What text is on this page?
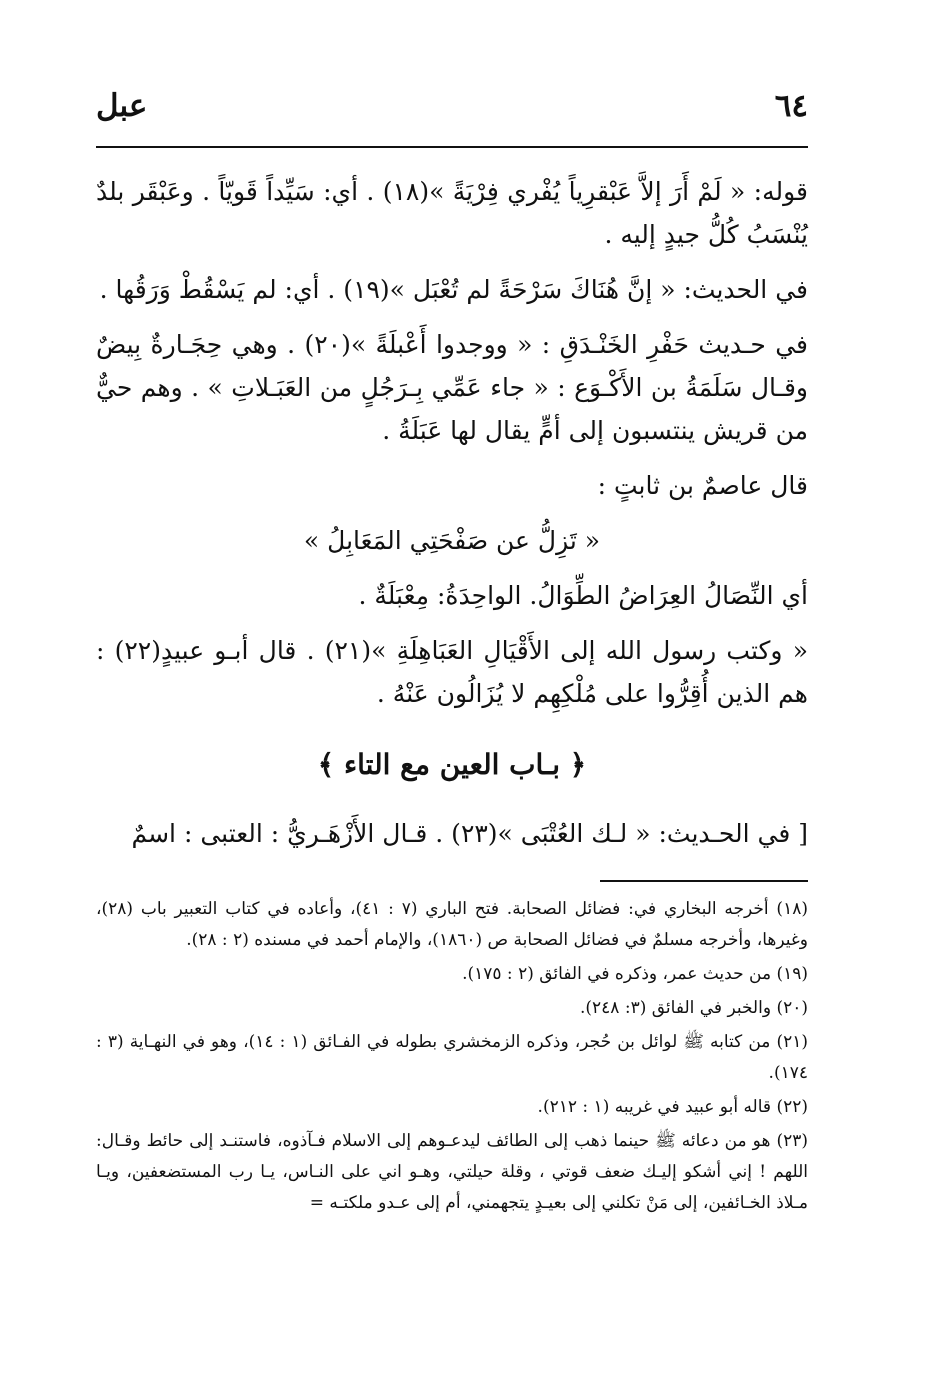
عبل	٦٤

قوله: « لَمْ أَرَ إلاَّ عَبْقرِياً يُفْري فِرْيَةً »(١٨) . أي: سَيِّداً قَويّاً . وعَبْقَر بلدٌ يُنْسَبُ كُلُّ جيدٍ إليه .

في الحديث: « إنَّ هُنَاكَ سَرْحَةً لم تُعْبَل »(١٩) . أي: لم يَسْقُطْ وَرَقُها .

في حـديث حَفْرِ الخَنْـدَقِ : « ووجدوا أَعْبلَةً »(٢٠) . وهي حِجَـارةٌ بِيضٌ وقـال سَلَمَةُ بن الأَكْـوَع : « جاء عَمِّي بِـرَجُلٍ من العَبَـلاتِ » . وهم حيٌّ من قريش ينتسبون إلى أمٍّ يقال لها عَبَلَةُ .

قال عاصمٌ بن ثابتٍ :

« تَزِلُّ عن صَفْحَتِي المَعَابِلُ »

أي النِّصَالُ العِرَاضُ الطِّوَالُ. الواحِدَةُ: مِعْبَلَةٌ .

« وكتب رسول الله إلى الأَقْيَالِ العَبَاهِلَةِ »(٢١) . قال أبـو عبيدٍ(٢٢) : هم الذين أُقِرُّوا على مُلْكِهِم لا يُزَالُون عَنْهُ .

﴿ بـاب العين مع التاء ﴾

[ في الحـديث: « لـك العُتْبَى »(٢٣) . قـال الأَزْهَـريُّ : العتبى : اسمٌ

(١٨) أخرجه البخاري في: فضائل الصحابة. فتح الباري (٧ : ٤١)، وأعاده في كتاب التعبير باب (٢٨)، وغيرها، وأخرجه مسلمٌ في فضائل الصحابة ص (١٨٦٠)، والإمام أحمد في مسنده (٢ : ٢٨).

(١٩) من حديث عمر، وذكره في الفائق (٢ : ١٧٥).

(٢٠) والخبر في الفائق (٣: ٢٤٨).

(٢١) من كتابه ﷺ لوائل بن حُجر، وذكره الزمخشري بطوله في الفـائق (١ : ١٤)، وهو في النهـاية (٣ : ١٧٤).

(٢٢) قاله أبو عبيد في غريبه (١ : ٢١٢).

(٢٣) هو من دعائه ﷺ حينما ذهب إلى الطائف ليدعـوهم إلى الاسلام فـآذوه، فاستنـد إلى حائط وقـال: اللهم ! إني أشكو إليـك ضعف قوتي ، وقلة حيلتي، وهـو اني على النـاس، يـا رب المستضعفين، ويـا مـلاذ الخـائفين، إلى مَنْ تكلني إلى بعيـدٍ يتجهمني، أم إلى عـدو ملكتـه =
